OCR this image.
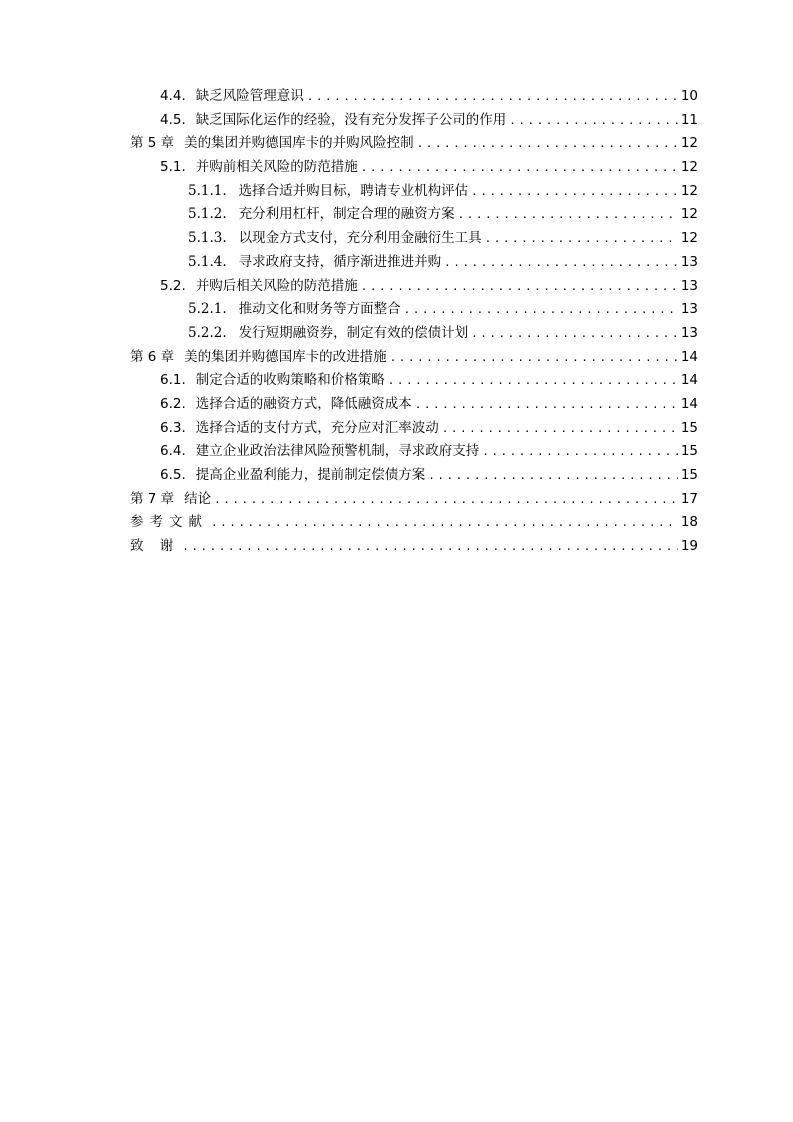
4.4. 缺乏风险管理意识 .....	10
4.5. 缺乏国际化运作的经验，没有充分发挥子公司的作用 .....	11
第 5 章 美的集团并购德国库卡的并购风险控制 .....	12
5.1. 并购前相关风险的防范措施 .....	12
5.1.1. 选择合适并购目标，聘请专业机构评估 .....	12
5.1.2. 充分利用杠杆，制定合理的融资方案 .....	12
5.1.3. 以现金方式支付，充分利用金融衍生工具 .....	12
5.1.4. 寻求政府支持，循序渐进推进并购 .....	13
5.2. 并购后相关风险的防范措施 .....	13
5.2.1. 推动文化和财务等方面整合 .....	13
5.2.2. 发行短期融资券，制定有效的偿债计划 .....	13
第 6 章 美的集团并购德国库卡的改进措施 .....	14
6.1. 制定合适的收购策略和价格策略 .....	14
6.2. 选择合适的融资方式，降低融资成本 .....	14
6.3. 选择合适的支付方式，充分应对汇率波动 .....	15
6.4. 建立企业政治法律风险预警机制，寻求政府支持 .....	15
6.5. 提高企业盈利能力，提前制定偿债方案 .....	15
第 7 章 结论 .....	17
参考文献 .....	18
致 谢 .....	19
